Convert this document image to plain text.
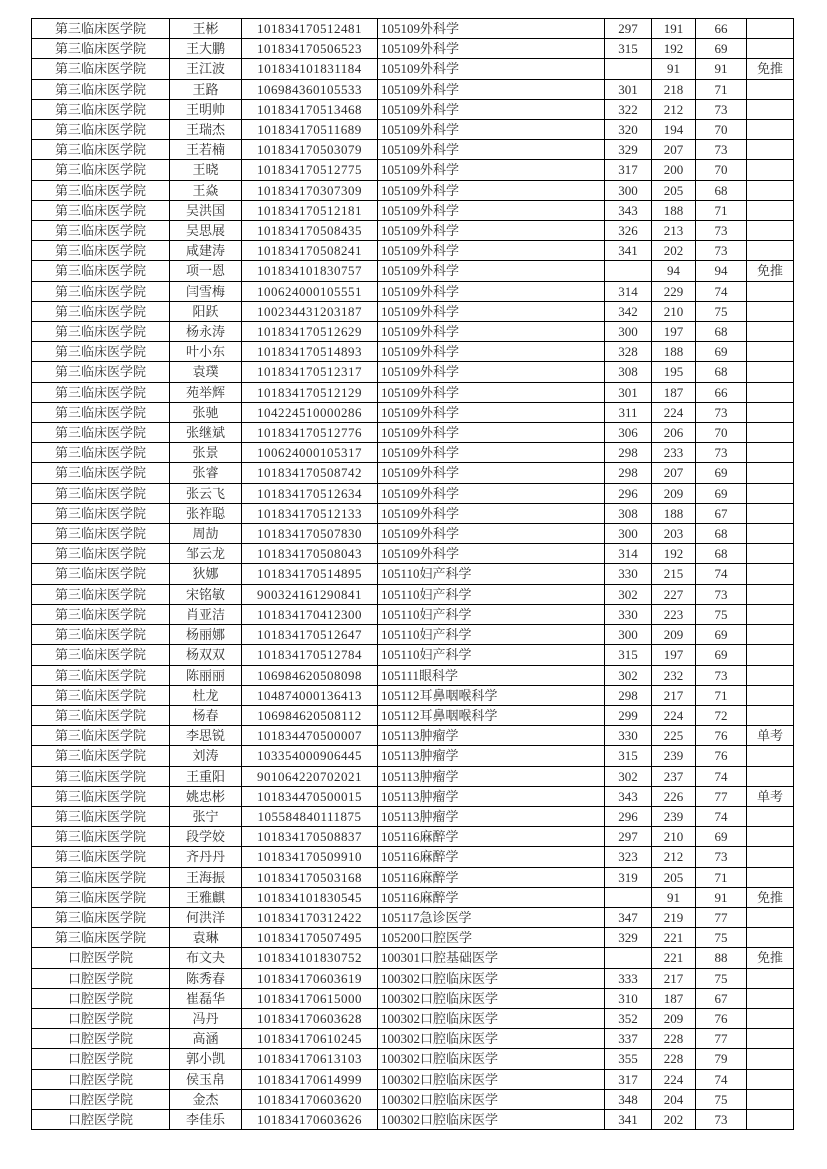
第三临床医学院	王彬	101834170512481	105109外科学	297	191	66	
第三临床医学院	王大鹏	101834170506523	105109外科学	315	192	69	
第三临床医学院	王江波	101834101831184	105109外科学		91	91	免推
第三临床医学院	王路	106984360105533	105109外科学	301	218	71	
第三临床医学院	王明帅	101834170513468	105109外科学	322	212	73	
第三临床医学院	王瑞杰	101834170511689	105109外科学	320	194	70	
第三临床医学院	王若楠	101834170503079	105109外科学	329	207	73	
第三临床医学院	王晓	101834170512775	105109外科学	317	200	70	
第三临床医学院	王焱	101834170307309	105109外科学	300	205	68	
第三临床医学院	吴洪国	101834170512181	105109外科学	343	188	71	
第三临床医学院	吴思展	101834170508435	105109外科学	326	213	73	
第三临床医学院	咸建涛	101834170508241	105109外科学	341	202	73	
第三临床医学院	项一恩	101834101830757	105109外科学		94	94	免推
第三临床医学院	闫雪梅	100624000105551	105109外科学	314	229	74	
第三临床医学院	阳跃	100234431203187	105109外科学	342	210	75	
第三临床医学院	杨永涛	101834170512629	105109外科学	300	197	68	
第三临床医学院	叶小东	101834170514893	105109外科学	328	188	69	
第三临床医学院	袁璞	101834170512317	105109外科学	308	195	68	
第三临床医学院	苑举辉	101834170512129	105109外科学	301	187	66	
第三临床医学院	张驰	104224510000286	105109外科学	311	224	73	
第三临床医学院	张继斌	101834170512776	105109外科学	306	206	70	
第三临床医学院	张景	100624000105317	105109外科学	298	233	73	
第三临床医学院	张睿	101834170508742	105109外科学	298	207	69	
第三临床医学院	张云飞	101834170512634	105109外科学	296	209	69	
第三临床医学院	张祚聪	101834170512133	105109外科学	308	188	67	
第三临床医学院	周劼	101834170507830	105109外科学	300	203	68	
第三临床医学院	邹云龙	101834170508043	105109外科学	314	192	68	
第三临床医学院	狄娜	101834170514895	105110妇产科学	330	215	74	
第三临床医学院	宋铭敏	900324161290841	105110妇产科学	302	227	73	
第三临床医学院	肖亚洁	101834170412300	105110妇产科学	330	223	75	
第三临床医学院	杨丽娜	101834170512647	105110妇产科学	300	209	69	
第三临床医学院	杨双双	101834170512784	105110妇产科学	315	197	69	
第三临床医学院	陈丽丽	106984620508098	105111眼科学	302	232	73	
第三临床医学院	杜龙	104874000136413	105112耳鼻咽喉科学	298	217	71	
第三临床医学院	杨春	106984620508112	105112耳鼻咽喉科学	299	224	72	
第三临床医学院	李思锐	101834470500007	105113肿瘤学	330	225	76	单考
第三临床医学院	刘涛	103354000906445	105113肿瘤学	315	239	76	
第三临床医学院	王重阳	901064220702021	105113肿瘤学	302	237	74	
第三临床医学院	姚忠彬	101834470500015	105113肿瘤学	343	226	77	单考
第三临床医学院	张宁	105584840111875	105113肿瘤学	296	239	74	
第三临床医学院	段学姣	101834170508837	105116麻醉学	297	210	69	
第三临床医学院	齐丹丹	101834170509910	105116麻醉学	323	212	73	
第三临床医学院	王海振	101834170503168	105116麻醉学	319	205	71	
第三临床医学院	王雅麒	101834101830545	105116麻醉学		91	91	免推
第三临床医学院	何洪洋	101834170312422	105117急诊医学	347	219	77	
第三临床医学院	袁琳	101834170507495	105200口腔医学	329	221	75	
口腔医学院	布文夬	101834101830752	100301口腔基础医学		221	88	免推
口腔医学院	陈秀春	101834170603619	100302口腔临床医学	333	217	75	
口腔医学院	崔磊华	101834170615000	100302口腔临床医学	310	187	67	
口腔医学院	冯丹	101834170603628	100302口腔临床医学	352	209	76	
口腔医学院	高涵	101834170610245	100302口腔临床医学	337	228	77	
口腔医学院	郭小凯	101834170613103	100302口腔临床医学	355	228	79	
口腔医学院	侯玉帛	101834170614999	100302口腔临床医学	317	224	74	
口腔医学院	金杰	101834170603620	100302口腔临床医学	348	204	75	
口腔医学院	李佳乐	101834170603626	100302口腔临床医学	341	202	73	
